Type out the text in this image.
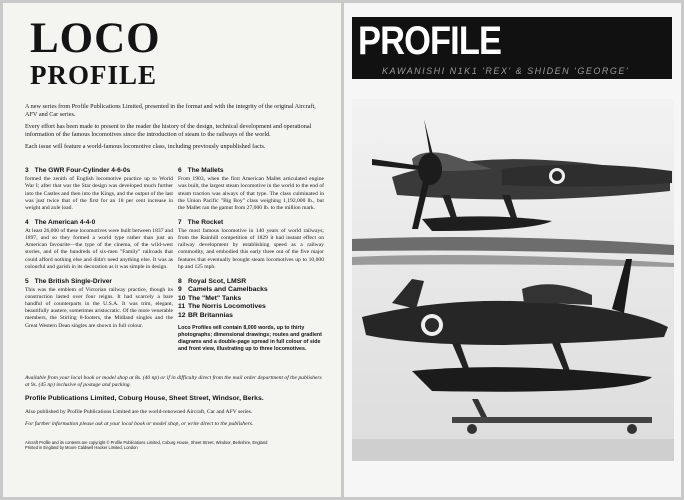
LOCO
PROFILE

A new series from Profile Publications Limited, presented in the format and with the integrity of the original Aircraft, AFV and Car series.

Every effort has been made to present to the reader the history of the design, technical development and operational information of the famous locomotives since the introduction of steam to the railways of the world.

Each issue will feature a world-famous locomotive class, including previously unpublished facts.

3 The GWR Four-Cylinder 4-6-0s
formed the zenith of English locomotive practice up to World War I; after that war the Star design was developed much further into the Castles and then into the Kings, and the output of the last was just twice that of the first for an 18 per cent increase in weight and axle load.
4 The American 4-4-0
At least 26,000 of these locomotives were built between 1837 and 1897, and so they formed a world type rather than just an American favourite—the type of the cinema, of the wild-west stories, and of the hundreds of six-men "Family" railroads that could afford nothing else and didn't need anything else. It was as colourful and garish in its decoration as it was simple in design.
5 The British Single-Driver
This was the emblem of Victorian railway practice, though its construction lasted over four reigns. It had scarcely a bare handful of counterparts in the U.S.A. It was trim, elegant, beautifully austere, sometimes aristocratic. Of the more venerable members, the Stirling 8-footers, the Midland singles and the Great Western Dean singles are shown in full colour.
6 The Mallets
From 1903, when the first American Mallet articulated engine was built, the largest steam locomotive in the world to the end of steam traction was always of that type. The class culminated in the Union Pacific "Big Boy" class weighing 1,192,000 lb., but the Mallet ran the gamut from 27,000 lb. to the million mark.
7 The Rocket
The most famous locomotive in 140 years of world railways; from the Rainhill competition of 1829 it had instant effect on railway development by establishing speed as a railway commodity, and embodied this early three out of the five major features that eventually brought steam locomotives up to 10,000 hp and 125 mph.
8 Royal Scot, LMSR
9 Camels and Camelbacks
10 The "Met" Tanks
11 The Norris Locomotives
12 BR Britannias
Loco Profiles will contain 8,000 words, up to thirty photographs; dimensional drawings; routes and gradient diagrams and a double-page spread in full colour of side and front view, illustrating up to three locomotives.
Available from your local book or model shop at 8s. (40 np) or if in difficulty direct from the mail order department of the publishers at 9s. (45 np) inclusive of postage and packing.
Profile Publications Limited, Coburg House, Sheet Street, Windsor, Berks.
Also published by Profile Publications Limited are the world-renowned Aircraft, Car and AFV series.
For further information please ask at your local book or model shop, or write direct to the publishers.
Aircraft Profile and its contents are copyright © Profile Publications Limited, Coburg House, Sheet Street, Windsor, Berkshire, England
Printed in England by Moore Caldwell Hacker Limited, London
PROFILE
KAWANISHI N1K1 'REX' & SHIDEN 'GEORGE'
